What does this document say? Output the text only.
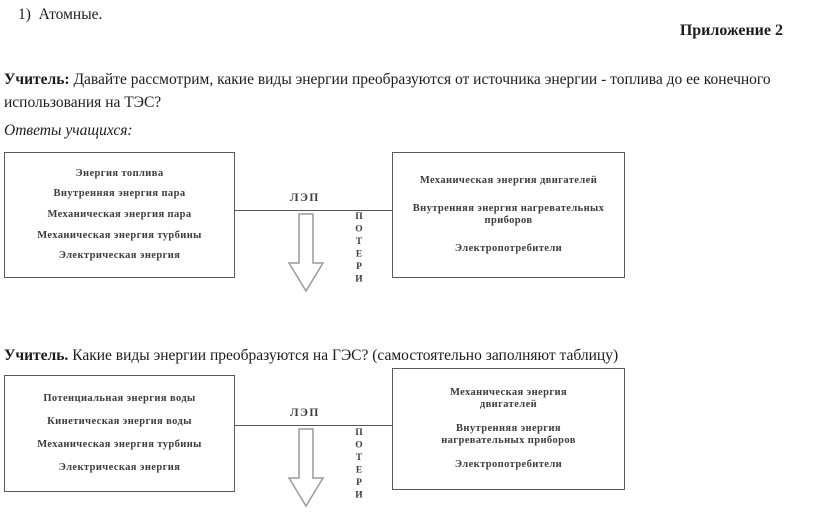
1)  Атомные.
Приложение 2

Учитель: Давайте рассмотрим, какие виды энергии преобразуются от источника энергии - топлива до ее конечного использования на ТЭС?

Ответы учащихся:
Энергия топлива
Внутренняя энергия пара
Механическая энергия пара
Механическая энергия турбины
Электрическая энергия
ЛЭП
ПОТЕРИ
Механическая энергия двигателей
Внутренняя энергия нагревательных приборов
Электропотребители

Учитель. Какие виды энергии преобразуются на ГЭС? (самостоятельно заполняют таблицу)

Потенциальная энергия воды
Кинетическая энергия воды
Механическая энергия турбины
Электрическая энергия
ЛЭП
ПОТЕРИ
Механическая энергия двигателей
Внутренняя энергия нагревательных приборов
Электропотребители
